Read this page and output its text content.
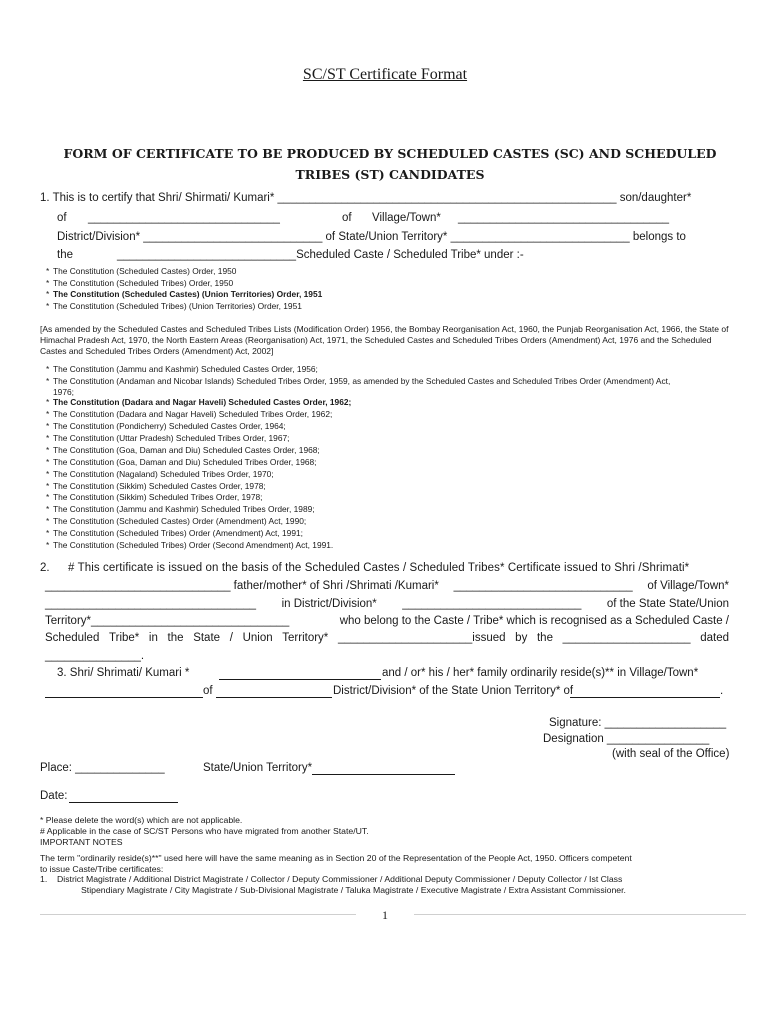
SC/ST Certificate Format
FORM OF CERTIFICATE TO BE PRODUCED BY SCHEDULED CASTES (SC) AND SCHEDULED TRIBES (ST) CANDIDATES
1. This is to certify that Shri/ Shirmati/ Kumari* _____________________________________________________ son/daughter*
of ______________________________	of Village/Town* _________________________________
District/Division* ____________________________ of State/Union Territory* ____________________________ belongs to
the	____________________________Scheduled Caste / Scheduled Tribe* under :-
* The Constitution (Scheduled Castes) Order, 1950
* The Constitution (Scheduled Tribes) Order, 1950
* The Constitution (Scheduled Castes) (Union Territories) Order, 1951
* The Constitution (Scheduled Tribes) (Union Territories) Order, 1951
[As amended by the Scheduled Castes and Scheduled Tribes Lists (Modification Order) 1956, the Bombay Reorganisation Act, 1960, the Punjab Reorganisation Act, 1966, the State of Himachal Pradesh Act, 1970, the North Eastern Areas (Reorganisation) Act, 1971, the Scheduled Castes and Scheduled Tribes Orders (Amendment) Act, 1976 and the Scheduled Castes and Scheduled Tribes Orders (Amendment) Act, 2002]
* The Constitution (Jammu and Kashmir) Scheduled Castes Order, 1956;
* The Constitution (Andaman and Nicobar Islands) Scheduled Tribes Order, 1959, as amended by the Scheduled Castes and Scheduled Tribes Order (Amendment) Act,
1976;
* The Constitution (Dadara and Nagar Haveli) Scheduled Castes Order, 1962;
* The Constitution (Dadara and Nagar Haveli) Scheduled Tribes Order, 1962;
* The Constitution (Pondicherry) Scheduled Castes Order, 1964;
* The Constitution (Uttar Pradesh) Scheduled Tribes Order, 1967;
* The Constitution (Goa, Daman and Diu) Scheduled Castes Order, 1968;
* The Constitution (Goa, Daman and Diu) Scheduled Tribes Order, 1968;
* The Constitution (Nagaland) Scheduled Tribes Order, 1970;
* The Constitution (Sikkim) Scheduled Castes Order, 1978;
* The Constitution (Sikkim) Scheduled Tribes Order, 1978;
* The Constitution (Jammu and Kashmir) Scheduled Tribes Order, 1989;
* The Constitution (Scheduled Castes) Order (Amendment) Act, 1990;
* The Constitution (Scheduled Tribes) Order (Amendment) Act, 1991;
* The Constitution (Scheduled Tribes) Order (Second Amendment) Act, 1991.
2. # This certificate is issued on the basis of the Scheduled Castes / Scheduled Tribes* Certificate issued to Shri /Shrimati*
_____________________________ father/mother* of Shri /Shrimati /Kumari* ____________________________ of Village/Town*
_________________________________ in District/Division* ____________________________ of the State State/Union
Territory*_______________________________	who belong to the Caste / Tribe* which is recognised as a Scheduled Caste /
Scheduled Tribe* in the State / Union Territory* _____________________issued by the ____________________ dated
_______________.
3. Shri/ Shrimati/ Kumari *	and / or* his / her* family ordinarily reside(s)** in Village/Town*
of	District/Division* of the State Union Territory* of	.
Signature: ___________________
Designation ________________
(with seal of the Office)
Place: ______________	State/Union Territory*
Date:
* Please delete the word(s) which are not applicable.
# Applicable in the case of SC/ST Persons who have migrated from another State/UT.
IMPORTANT NOTES
The term "ordinarily reside(s)**" used here will have the same meaning as in Section 20 of the Representation of the People Act, 1950. Officers competent to issue Caste/Tribe certificates:
1. District Magistrate / Additional District Magistrate / Collector / Deputy Commissioner / Additional Deputy Commissioner / Deputy Collector / Ist Class
Stipendiary Magistrate / City Magistrate / Sub-Divisional Magistrate / Taluka Magistrate / Executive Magistrate / Extra Assistant Commissioner.
1
